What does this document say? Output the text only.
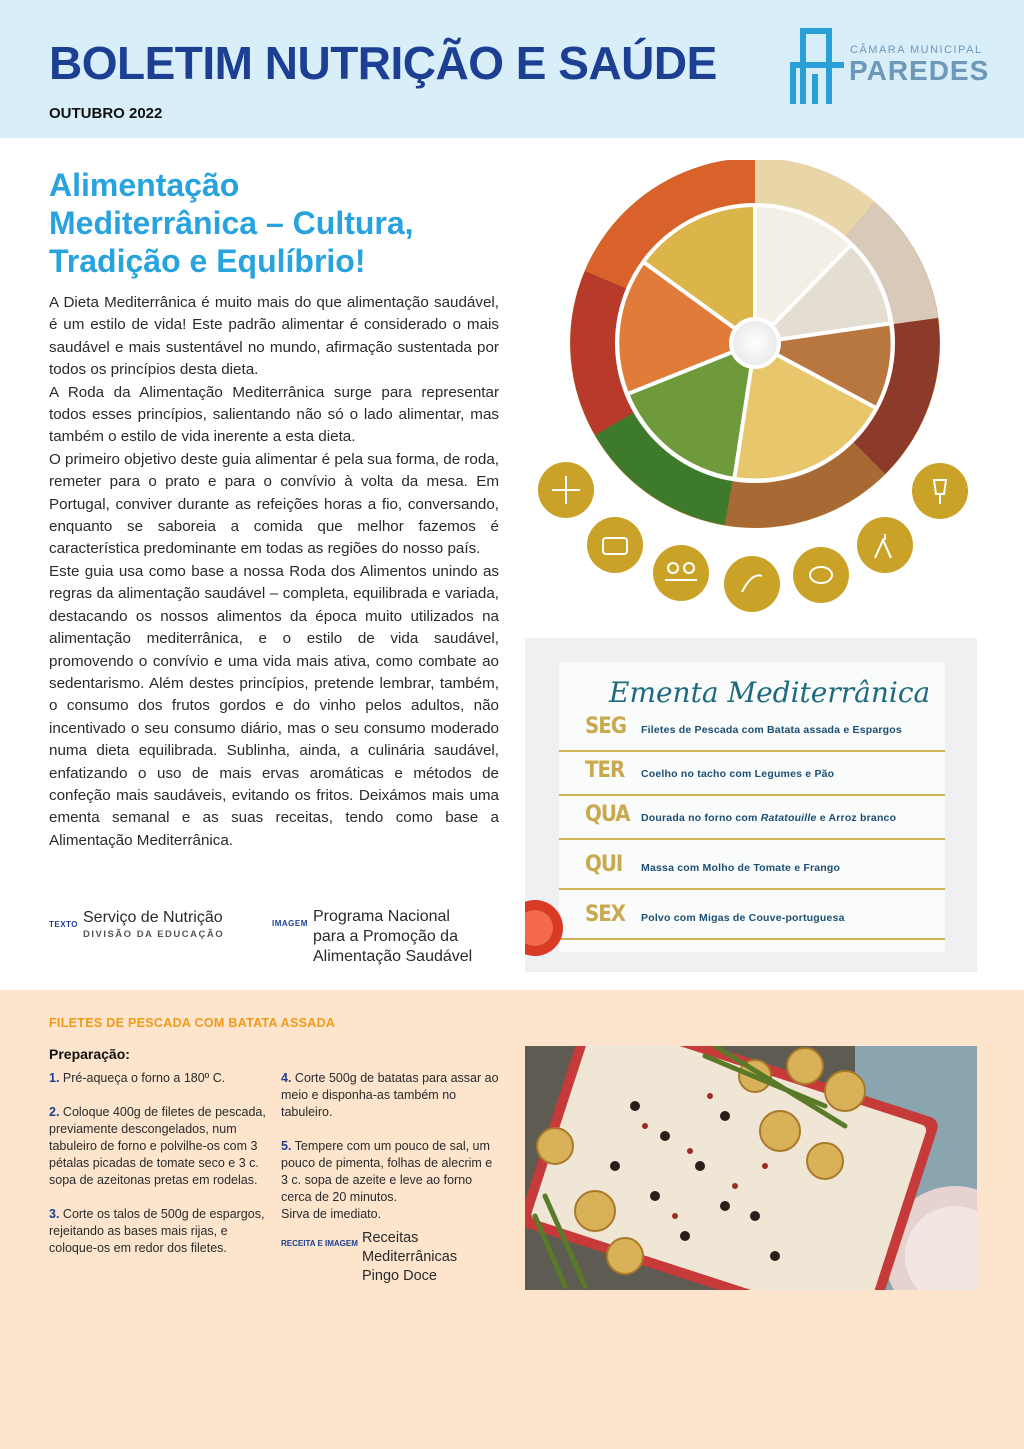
BOLETIM NUTRIÇÃO E SAÚDE
OUTUBRO 2022
CÂMARA MUNICIPAL
PAREDES
Alimentação
Mediterrânica – Cultura,
Tradição e Equlíbrio!

A Dieta Mediterrânica é muito mais do que alimentação saudável, é um estilo de vida! Este padrão alimentar é considerado o mais saudável e mais sustentável no mundo, afirmação sustentada por todos os princípios desta dieta.

A Roda da Alimentação Mediterrânica surge para representar todos esses princípios, salientando não só o lado alimentar, mas também o estilo de vida inerente a esta dieta.

O primeiro objetivo deste guia alimentar é pela sua forma, de roda, remeter para o prato e para o convívio à volta da mesa. Em Portugal, conviver durante as refeições horas a fio, conversando, enquanto se saboreia a comida que melhor fazemos é característica predominante em todas as regiões do nosso país.

Este guia usa como base a nossa Roda dos Alimentos unindo as regras da alimentação saudável – completa, equilibrada e variada, destacando os nossos alimentos da época muito utilizados na alimentação mediterrânica, e o estilo de vida saudável, promovendo o convívio e uma vida mais ativa, como combate ao sedentarismo. Além destes princípios, pretende lembrar, também, o consumo dos frutos gordos e do vinho pelos adultos, não incentivado o seu consumo diário, mas o seu consumo moderado numa dieta equilibrada. Sublinha, ainda, a culinária saudável, enfatizando o uso de mais ervas aromáticas e métodos de confeção mais saudáveis, evitando os fritos. Deixámos mais uma ementa semanal e as suas receitas, tendo como base a Alimentação Mediterrânica.

TEXTO Serviço de Nutrição
DIVISÃO DA EDUCAÇÃO
IMAGEM Programa Nacional
para a Promoção da
Alimentação Saudável
Ementa Mediterrânica
SEG Filetes de Pescada com Batata assada e Espargos
TER Coelho no tacho com Legumes e Pão
QUA Dourada no forno com Ratatouille e Arroz branco
QUI Massa com Molho de Tomate e Frango
SEX Polvo com Migas de Couve-portuguesa
FILETES DE PESCADA COM BATATA ASSADA
Preparação:

1. Pré-aqueça o forno a 180º C.

2. Coloque 400g de filetes de pescada, previamente descongelados, num tabuleiro de forno e polvilhe-os com 3 pétalas picadas de tomate seco e 3 c. sopa de azeitonas pretas em rodelas.

3. Corte os talos de 500g de espargos, rejeitando as bases mais rijas, e coloque-os em redor dos filetes.

4. Corte 500g de batatas para assar ao meio e disponha-as também no tabuleiro.

5. Tempere com um pouco de sal, um pouco de pimenta, folhas de alecrim e 3 c. sopa de azeite e leve ao forno cerca de 20 minutos.
Sirva de imediato.

RECEITA E IMAGEM Receitas
Mediterrânicas
Pingo Doce
